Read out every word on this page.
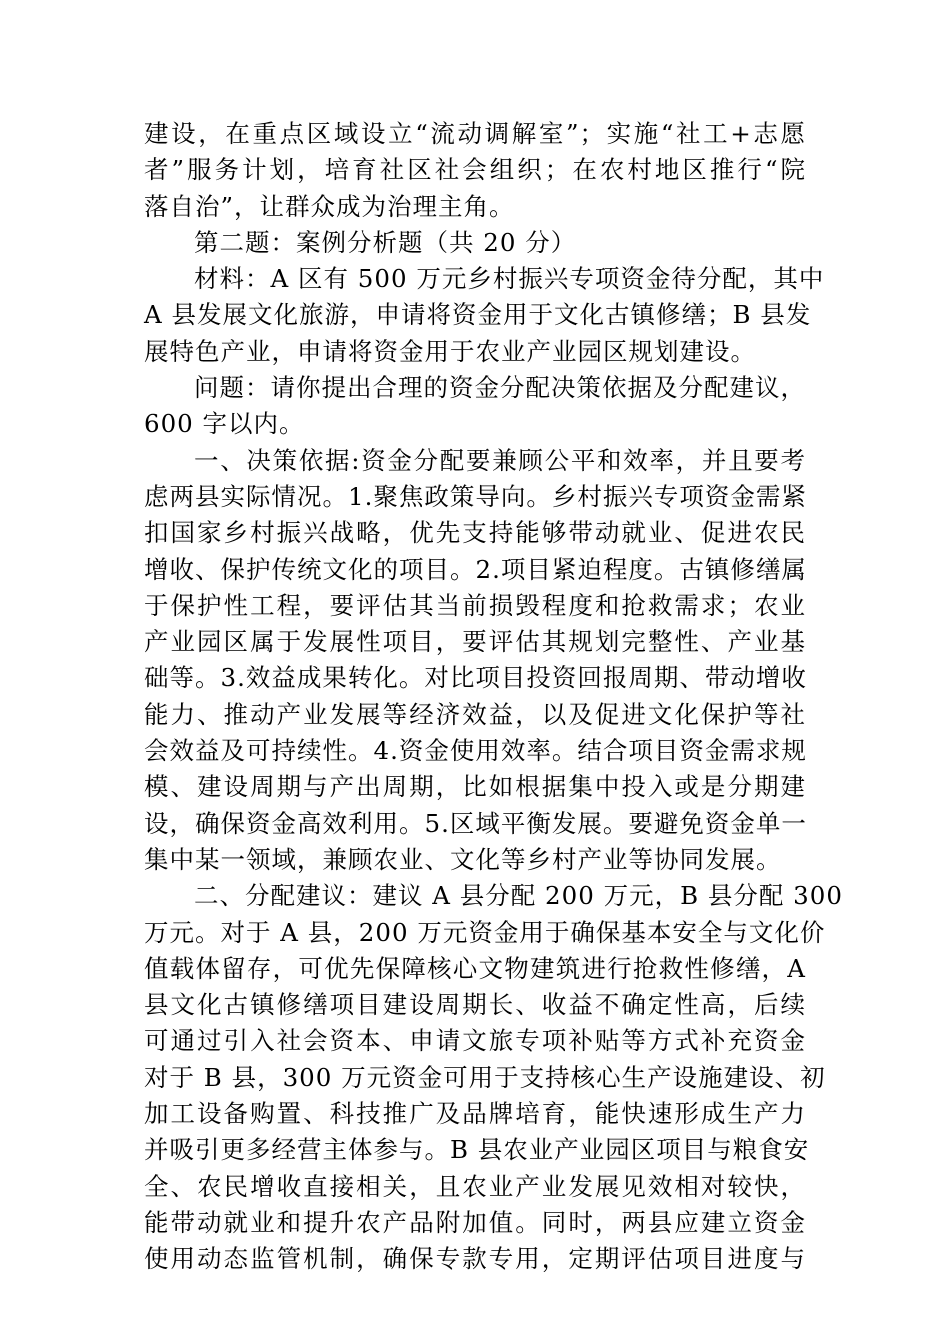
建设，在重点区域设立“流动调解室”；实施“社工+志愿
者”服务计划，培育社区社会组织；在农村地区推行“院
落自治”，让群众成为治理主角。
第二题：案例分析题（共 20 分）
材料：A 区有 500 万元乡村振兴专项资金待分配，其中
A 县发展文化旅游，申请将资金用于文化古镇修缮；B 县发
展特色产业，申请将资金用于农业产业园区规划建设。
问题：请你提出合理的资金分配决策依据及分配建议，
600 字以内。
一、决策依据:资金分配要兼顾公平和效率，并且要考
虑两县实际情况。1.聚焦政策导向。乡村振兴专项资金需紧
扣国家乡村振兴战略，优先支持能够带动就业、促进农民
增收、保护传统文化的项目。2.项目紧迫程度。古镇修缮属
于保护性工程，要评估其当前损毁程度和抢救需求；农业
产业园区属于发展性项目，要评估其规划完整性、产业基
础等。3.效益成果转化。对比项目投资回报周期、带动增收
能力、推动产业发展等经济效益，以及促进文化保护等社
会效益及可持续性。4.资金使用效率。结合项目资金需求规
模、建设周期与产出周期，比如根据集中投入或是分期建
设，确保资金高效利用。5.区域平衡发展。要避免资金单一
集中某一领域，兼顾农业、文化等乡村产业等协同发展。
二、分配建议：建议 A 县分配 200 万元，B 县分配 300
万元。对于 A 县，200 万元资金用于确保基本安全与文化价
值载体留存，可优先保障核心文物建筑进行抢救性修缮，A
县文化古镇修缮项目建设周期长、收益不确定性高，后续
可通过引入社会资本、申请文旅专项补贴等方式补充资金
对于 B 县，300 万元资金可用于支持核心生产设施建设、初
加工设备购置、科技推广及品牌培育，能快速形成生产力
并吸引更多经营主体参与。B 县农业产业园区项目与粮食安
全、农民增收直接相关，且农业产业发展见效相对较快，
能带动就业和提升农产品附加值。同时，两县应建立资金
使用动态监管机制，确保专款专用，定期评估项目进度与
